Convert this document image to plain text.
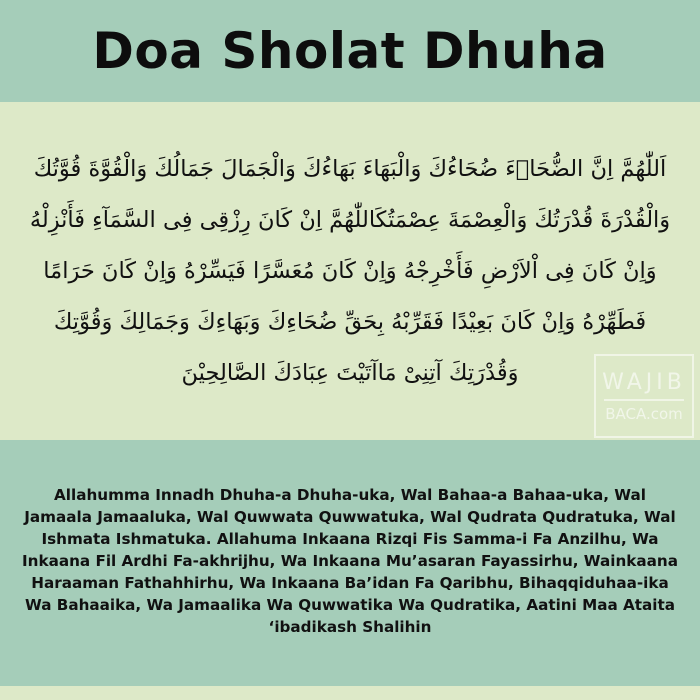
Doa Sholat Dhuha
اَللّٰهُمَّ اِنَّ الضُّحَاۤءَ ضُحَاءُكَ وَالْبَهَاءَ بَهَاءُكَ وَالْجَمَالَ جَمَالُكَ وَالْقُوَّةَ قُوَّتُكَ وَالْقُدْرَةَ قُدْرَتُكَ وَالْعِصْمَةَ عِصْمَتُكَاللّٰهُمَّ اِنْ كَانَ رِزْقِى فِى السَّمَآءِ فَأَنْزِلْهُ وَاِنْ كَانَ فِى اْلاَرْضِ فَأَخْرِجْهُ وَاِنْ كَانَ مُعَسَّرًا فَيَسِّرْهُ وَاِنْ كَانَ حَرَامًا فَطَهِّرْهُ وَاِنْ كَانَ بَعِيْدًا فَقَرِّبْهُ بِحَقِّ ضُحَاءِكَ وَبَهَاءِكَ وَجَمَالِكَ وَقُوَّتِكَ وَقُدْرَتِكَ آتِنِىْ مَاآتَيْتَ عِبَادَكَ الصَّالِحِيْنَ	WAJIB
BACA.com
Allahumma Innadh Dhuha-a Dhuha-uka, Wal Bahaa-a Bahaa-uka, Wal Jamaala Jamaaluka, Wal Quwwata Quwwatuka, Wal Qudrata Qudratuka, Wal Ishmata Ishmatuka. Allahuma Inkaana Rizqi Fis Samma-i Fa Anzilhu, Wa Inkaana Fil Ardhi Fa-akhrijhu, Wa Inkaana Mu’asaran Fayassirhu, Wainkaana Haraaman Fathahhirhu, Wa Inkaana Ba’idan Fa Qaribhu, Bihaqqiduhaa-ika Wa Bahaaika, Wa Jamaalika Wa Quwwatika Wa Qudratika, Aatini Maa Ataita ‘ibadikash Shalihin
